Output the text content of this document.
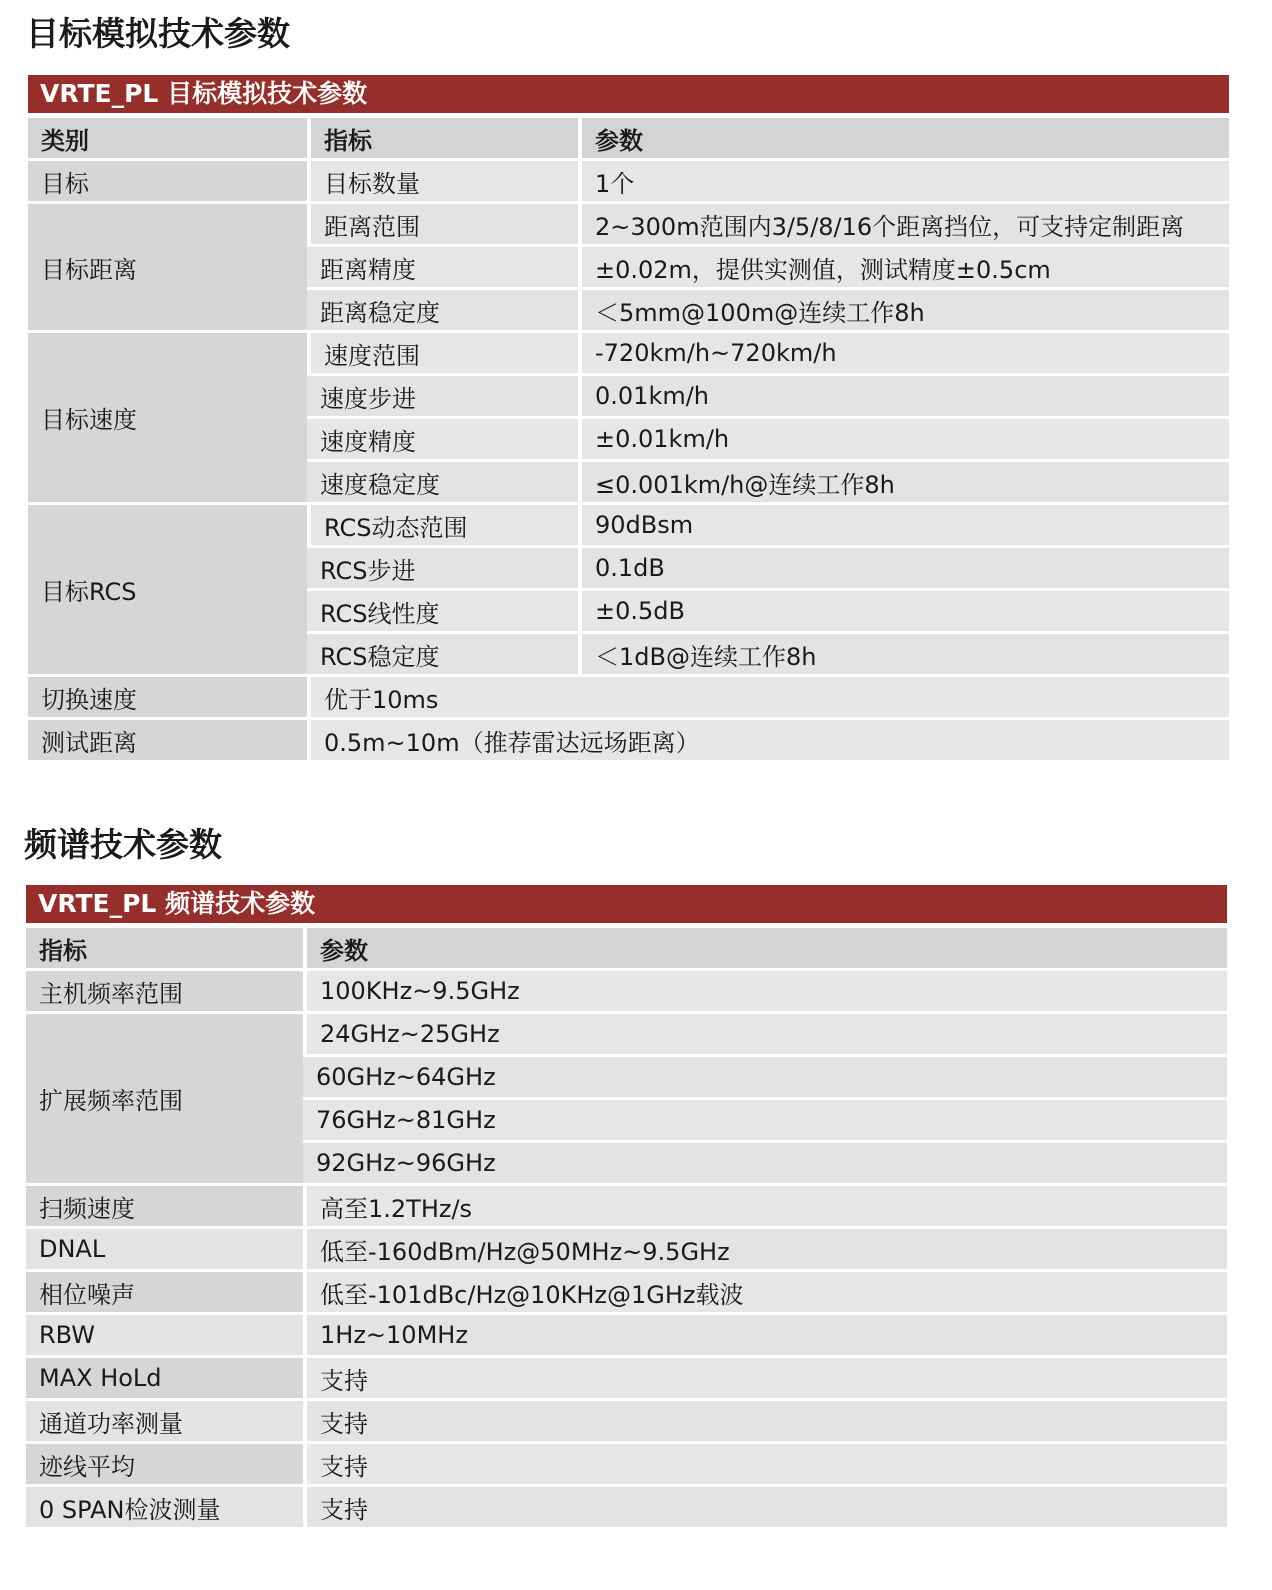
目标模拟技术参数
VRTE_PL 目标模拟技术参数
类别	指标	参数
目标	目标数量	1个
目标距离	距离范围	2~300m范围内3/5/8/16个距离挡位，可支持定制距离
	距离精度	±0.02m，提供实测值，测试精度±0.5cm
	距离稳定度	＜5mm@100m@连续工作8h
目标速度	速度范围	-720km/h~720km/h
	速度步进	0.01km/h
	速度精度	±0.01km/h
	速度稳定度	≤0.001km/h@连续工作8h
目标RCS	RCS动态范围	90dBsm
	RCS步进	0.1dB
	RCS线性度	±0.5dB
	RCS稳定度	＜1dB@连续工作8h
切换速度	优于10ms	
测试距离	0.5m~10m（推荐雷达远场距离）	
频谱技术参数
VRTE_PL 频谱技术参数
指标	参数
主机频率范围	100KHz~9.5GHz
扩展频率范围	24GHz~25GHz
	60GHz~64GHz
	76GHz~81GHz
	92GHz~96GHz
扫频速度	高至1.2THz/s
DNAL	低至-160dBm/Hz@50MHz~9.5GHz
相位噪声	低至-101dBc/Hz@10KHz@1GHz载波
RBW	1Hz~10MHz
MAX HoLd	支持
通道功率测量	支持
迹线平均	支持
0 SPAN检波测量	支持
